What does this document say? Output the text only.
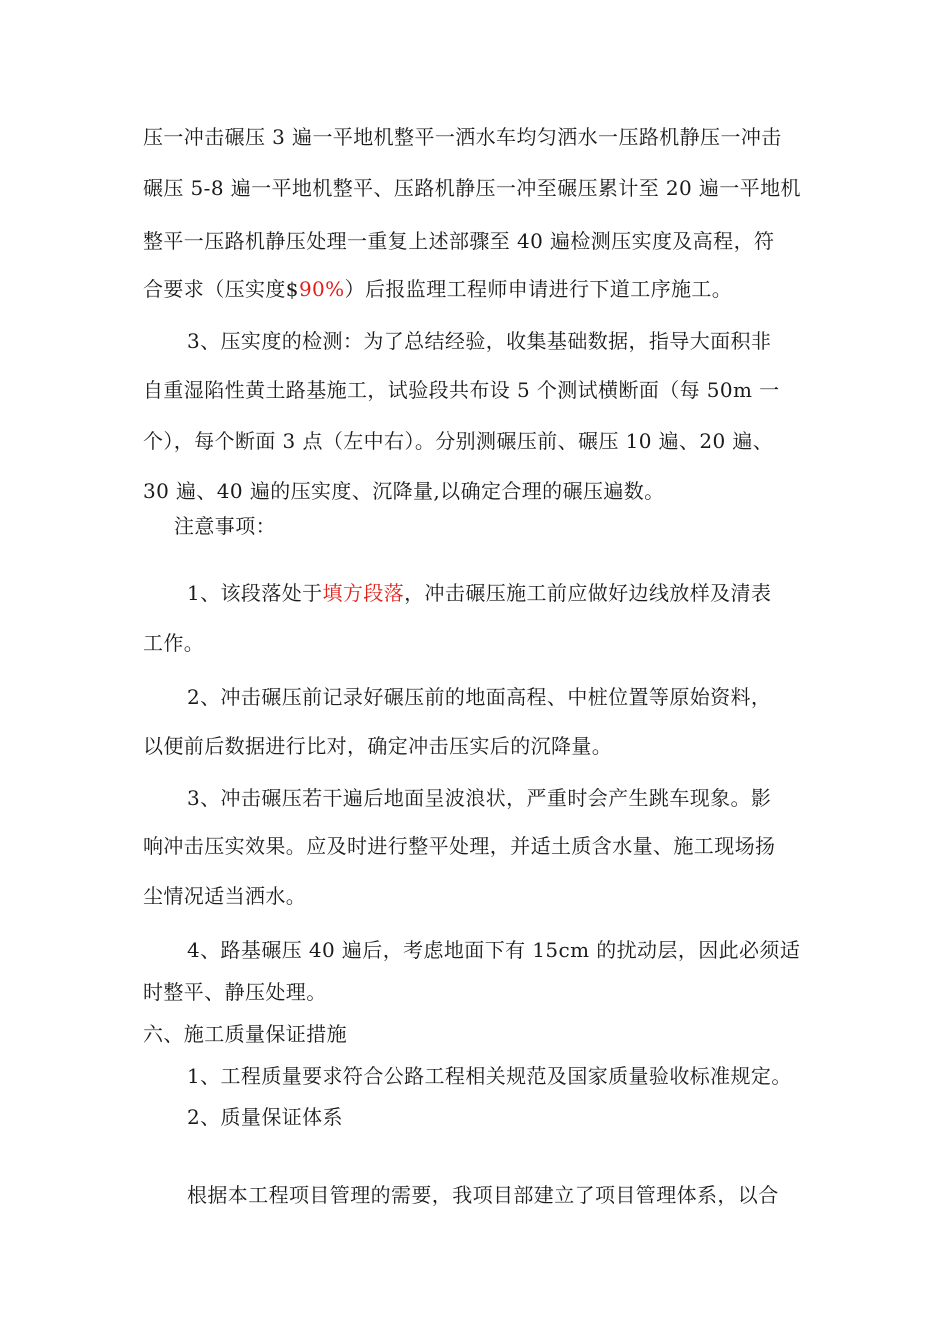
压一冲击碾压 3 遍一平地机整平一洒水车均匀洒水一压路机静压一冲击
碾压 5-8 遍一平地机整平、压路机静压一冲至碾压累计至 20 遍一平地机
整平一压路机静压处理一重复上述部骤至 40 遍检测压实度及高程，符
合要求（压实度$90%）后报监理工程师申请进行下道工序施工。
3、压实度的检测：为了总结经验，收集基础数据，指导大面积非
自重湿陷性黄土路基施工，试验段共布设 5 个测试横断面（每 50m 一
个），每个断面 3 点（左中右）。分别测碾压前、碾压 10 遍、20 遍、
30 遍、40 遍的压实度、沉降量,以确定合理的碾压遍数。
注意事项：
1、该段落处于填方段落，冲击碾压施工前应做好边线放样及清表
工作。
2、冲击碾压前记录好碾压前的地面高程、中桩位置等原始资料，
以便前后数据进行比对，确定冲击压实后的沉降量。
3、冲击碾压若干遍后地面呈波浪状，严重时会产生跳车现象。影
响冲击压实效果。应及时进行整平处理，并适土质含水量、施工现场扬
尘情况适当洒水。
4、路基碾压 40 遍后，考虑地面下有 15cm 的扰动层，因此必须适
时整平、静压处理。
六、施工质量保证措施
1、工程质量要求符合公路工程相关规范及国家质量验收标准规定。
2、质量保证体系
根据本工程项目管理的需要，我项目部建立了项目管理体系，以合
